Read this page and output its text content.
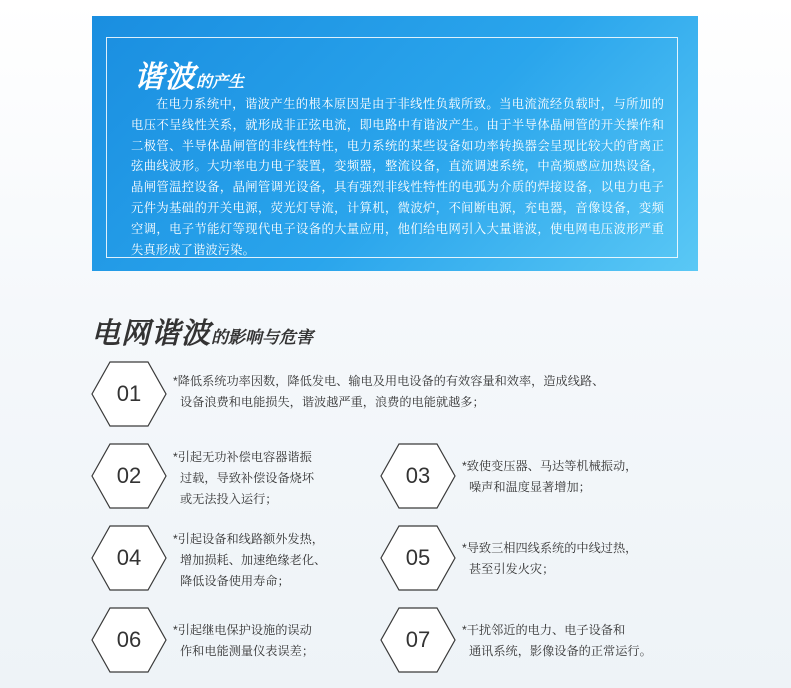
谐波的产生

在电力系统中，谐波产生的根本原因是由于非线性负载所致。当电流流经负载时，与所加的电压不呈线性关系，就形成非正弦电流，即电路中有谐波产生。由于半导体晶闸管的开关操作和二极管、半导体晶闸管的非线性特性，电力系统的某些设备如功率转换器会呈现比较大的背离正弦曲线波形。大功率电力电子装置，变频器，整流设备，直流调速系统，中高频感应加热设备，晶闸管温控设备，晶闸管调光设备，具有强烈非线性特性的电弧为介质的焊接设备，以电力电子元件为基础的开关电源，荧光灯导流，计算机，微波炉，不间断电源，充电器，音像设备，变频空调，电子节能灯等现代电子设备的大量应用，他们给电网引入大量谐波，使电网电压波形严重失真形成了谐波污染。

电网谐波的影响与危害
01	*降低系统功率因数，降低发电、输电及用电设备的有效容量和效率，造成线路、
设备浪费和电能损失，谐波越严重，浪费的电能就越多；
02
*引起无功补偿电容器谐振
过载，导致补偿设备烧坏
或无法投入运行；
03	*致使变压器、马达等机械振动，
噪声和温度显著增加；
04
*引起设备和线路额外发热，
增加损耗、加速绝缘老化、
降低设备使用寿命；
05	*导致三相四线系统的中线过热，
甚至引发火灾；
06	*引起继电保护设施的误动
作和电能测量仪表误差；	07	*干扰邻近的电力、电子设备和
通讯系统，影像设备的正常运行。
